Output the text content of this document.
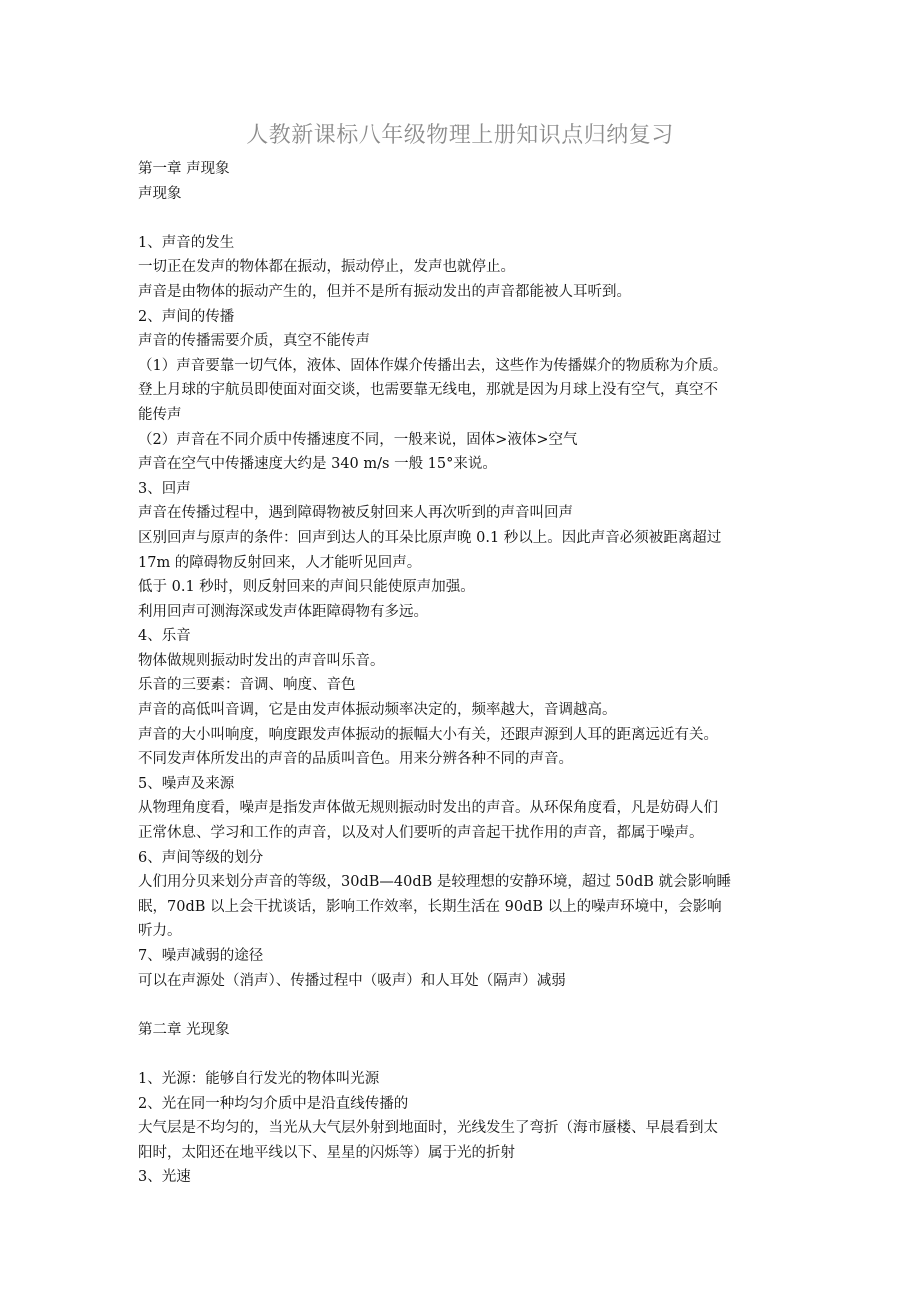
人教新课标八年级物理上册知识点归纳复习
第一章 声现象
声现象
1、声音的发生
一切正在发声的物体都在振动，振动停止，发声也就停止。
声音是由物体的振动产生的，但并不是所有振动发出的声音都能被人耳听到。
2、声间的传播
声音的传播需要介质，真空不能传声
（1）声音要靠一切气体，液体、固体作媒介传播出去，这些作为传播媒介的物质称为介质。
登上月球的宇航员即使面对面交谈，也需要靠无线电，那就是因为月球上没有空气，真空不
能传声
（2）声音在不同介质中传播速度不同，一般来说，固体>液体>空气
声音在空气中传播速度大约是 340 m/s 一般 15°来说。
3、回声
声音在传播过程中，遇到障碍物被反射回来人再次听到的声音叫回声
区别回声与原声的条件：回声到达人的耳朵比原声晚 0.1 秒以上。因此声音必须被距离超过
17m 的障碍物反射回来，人才能听见回声。
低于 0.1 秒时，则反射回来的声间只能使原声加强。
利用回声可测海深或发声体距障碍物有多远。
4、乐音
物体做规则振动时发出的声音叫乐音。
乐音的三要素：音调、响度、音色
声音的高低叫音调，它是由发声体振动频率决定的，频率越大，音调越高。
声音的大小叫响度，响度跟发声体振动的振幅大小有关，还跟声源到人耳的距离远近有关。
不同发声体所发出的声音的品质叫音色。用来分辨各种不同的声音。
5、噪声及来源
从物理角度看，噪声是指发声体做无规则振动时发出的声音。从环保角度看，凡是妨碍人们
正常休息、学习和工作的声音，以及对人们要听的声音起干扰作用的声音，都属于噪声。
6、声间等级的划分
人们用分贝来划分声音的等级，30dB—40dB 是较理想的安静环境，超过 50dB 就会影响睡
眠，70dB 以上会干扰谈话，影响工作效率，长期生活在 90dB 以上的噪声环境中，会影响
听力。
7、噪声减弱的途径
可以在声源处（消声）、传播过程中（吸声）和人耳处（隔声）减弱
第二章 光现象
1、光源：能够自行发光的物体叫光源
2、光在同一种均匀介质中是沿直线传播的
大气层是不均匀的，当光从大气层外射到地面时，光线发生了弯折（海市蜃楼、早晨看到太
阳时，太阳还在地平线以下、星星的闪烁等）属于光的折射
3、光速
